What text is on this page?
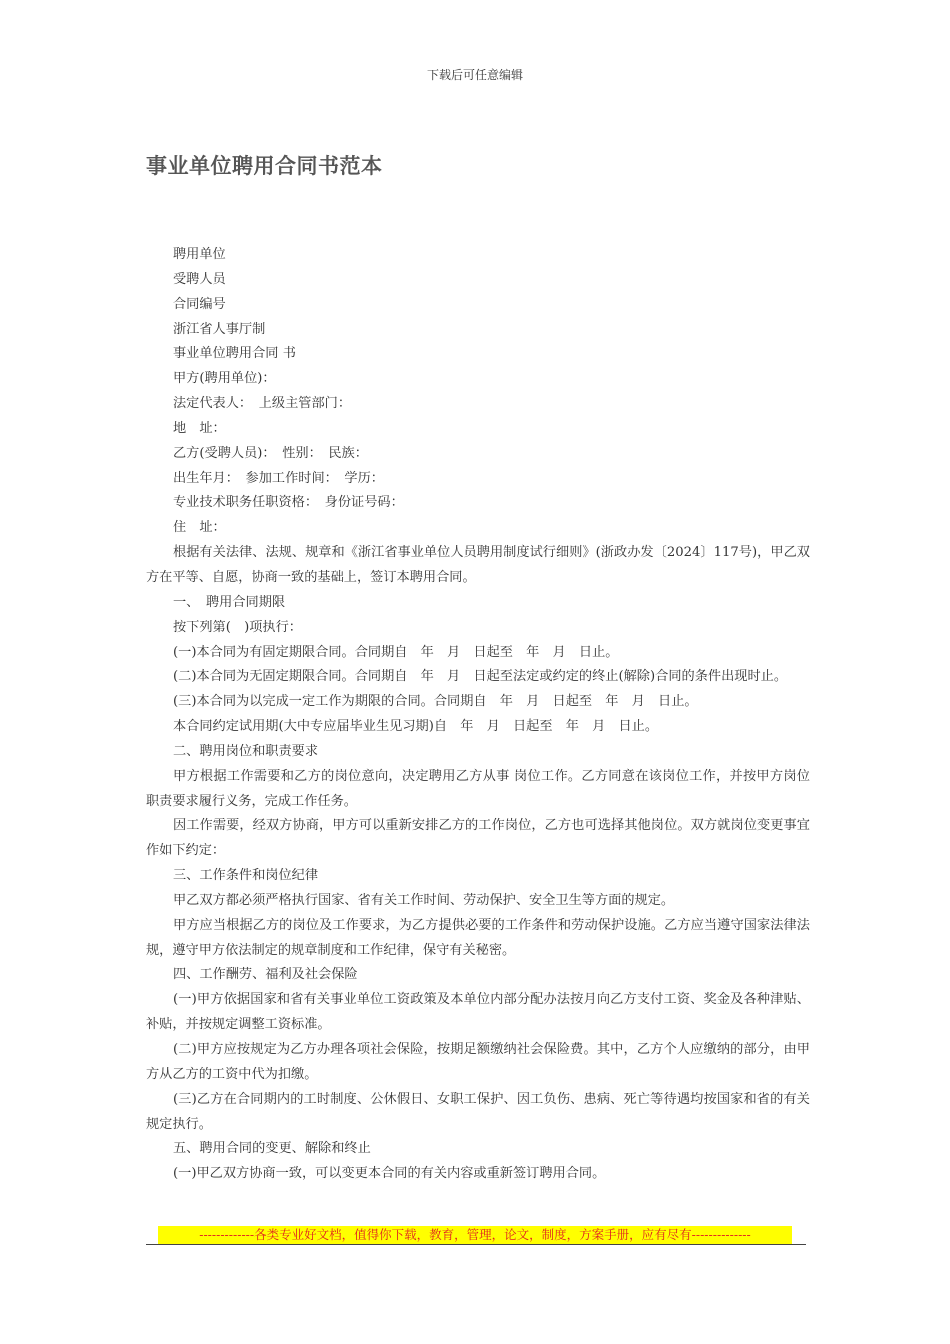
下载后可任意编辑
事业单位聘用合同书范本

聘用单位

受聘人员

合同编号

浙江省人事厅制

事业单位聘用合同 书

甲方(聘用单位)：

法定代表人：　上级主管部门：

地　址：

乙方(受聘人员)：　性别：　民族：

出生年月：　参加工作时间：　学历：

专业技术职务任职资格：　身份证号码：

住　址：

根据有关法律、法规、规章和《浙江省事业单位人员聘用制度试行细则》(浙政办发〔2024〕117号)，甲乙双方在平等、自愿，协商一致的基础上，签订本聘用合同。

一、　聘用合同期限

按下列第(　)项执行：

(一)本合同为有固定期限合同。合同期自　年　月　日起至　年　月　日止。

(二)本合同为无固定期限合同。合同期自　年　月　日起至法定或约定的终止(解除)合同的条件出现时止。

(三)本合同为以完成一定工作为期限的合同。合同期自　年　月　日起至　年　月　日止。

本合同约定试用期(大中专应届毕业生见习期)自　年　月　日起至　年　月　日止。

二、聘用岗位和职责要求

甲方根据工作需要和乙方的岗位意向，决定聘用乙方从事 岗位工作。乙方同意在该岗位工作，并按甲方岗位职责要求履行义务，完成工作任务。

因工作需要，经双方协商，甲方可以重新安排乙方的工作岗位，乙方也可选择其他岗位。双方就岗位变更事宜作如下约定：

三、工作条件和岗位纪律

甲乙双方都必须严格执行国家、省有关工作时间、劳动保护、安全卫生等方面的规定。

甲方应当根据乙方的岗位及工作要求，为乙方提供必要的工作条件和劳动保护设施。乙方应当遵守国家法律法规，遵守甲方依法制定的规章制度和工作纪律，保守有关秘密。

四、工作酬劳、福利及社会保险

(一)甲方依据国家和省有关事业单位工资政策及本单位内部分配办法按月向乙方支付工资、奖金及各种津贴、补贴，并按规定调整工资标准。

(二)甲方应按规定为乙方办理各项社会保险，按期足额缴纳社会保险费。其中，乙方个人应缴纳的部分，由甲方从乙方的工资中代为扣缴。

(三)乙方在合同期内的工时制度、公休假日、女职工保护、因工负伤、患病、死亡等待遇均按国家和省的有关规定执行。

五、聘用合同的变更、解除和终止

(一)甲乙双方协商一致，可以变更本合同的有关内容或重新签订聘用合同。

-------------各类专业好文档，值得你下载，教育，管理，论文，制度，方案手册，应有尽有--------------
